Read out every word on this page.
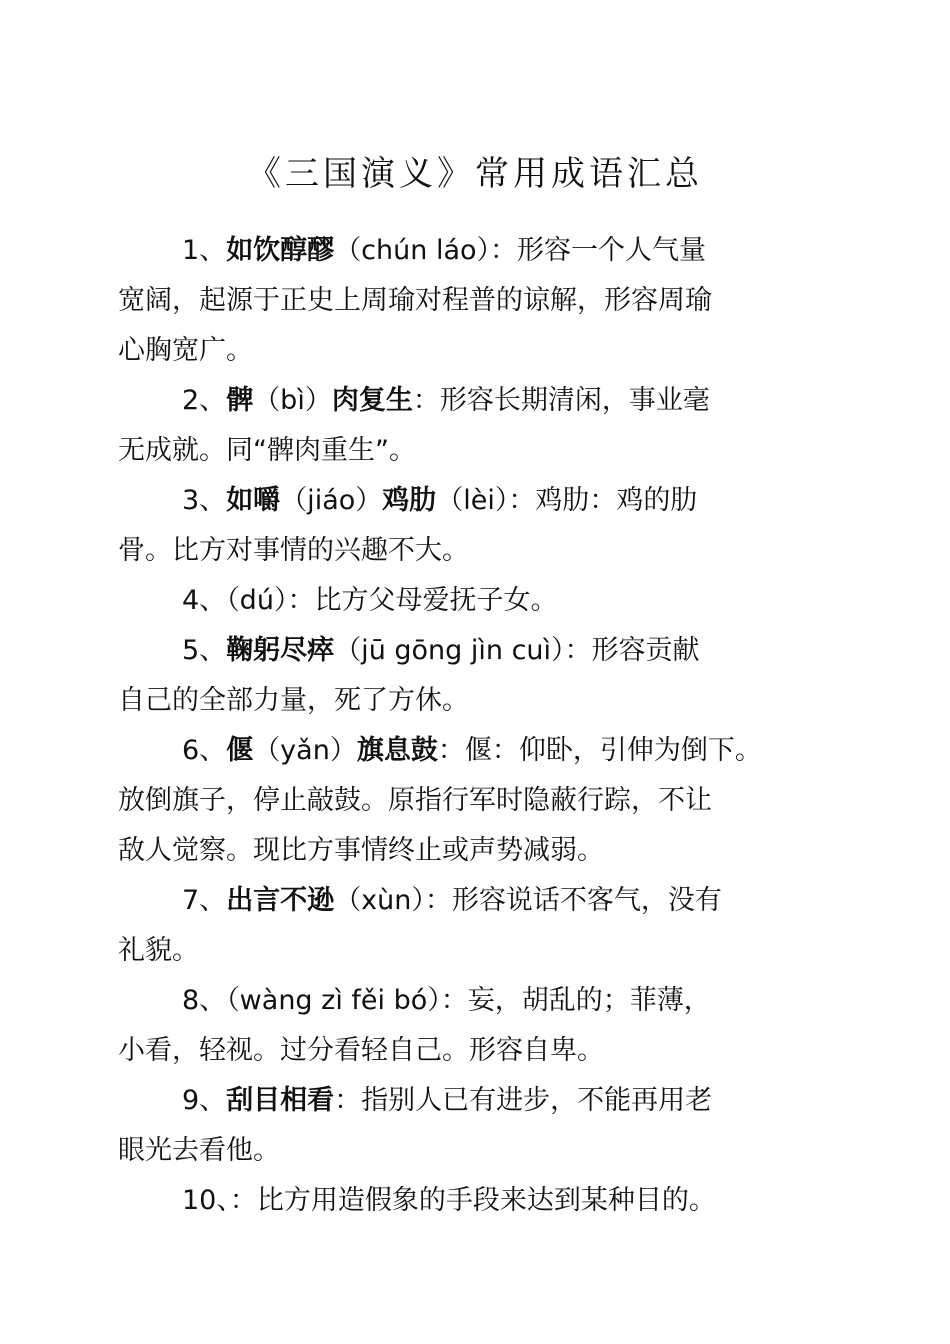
《三国演义》常用成语汇总
1、如饮醇醪（chún láo）：形容一个人气量
宽阔，起源于正史上周瑜对程普的谅解，形容周瑜
心胸宽广。
2、髀（bì）肉复生：形容长期清闲，事业毫
无成就。同“髀肉重生”。
3、如嚼（jiáo）鸡肋（lèi）：鸡肋：鸡的肋
骨。比方对事情的兴趣不大。
4、（dú）：比方父母爱抚子女。
5、鞠躬尽瘁（jū gōng jìn cuì）：形容贡献
自己的全部力量，死了方休。
6、偃（yǎn）旗息鼓：偃：仰卧，引伸为倒下。
放倒旗子，停止敲鼓。原指行军时隐蔽行踪，不让
敌人觉察。现比方事情终止或声势减弱。
7、出言不逊（xùn）：形容说话不客气，没有
礼貌。
8、（wàng zì fěi bó）：妄，胡乱的；菲薄，
小看，轻视。过分看轻自己。形容自卑。
9、刮目相看：指别人已有进步，不能再用老
眼光去看他。
10、：比方用造假象的手段来达到某种目的。
